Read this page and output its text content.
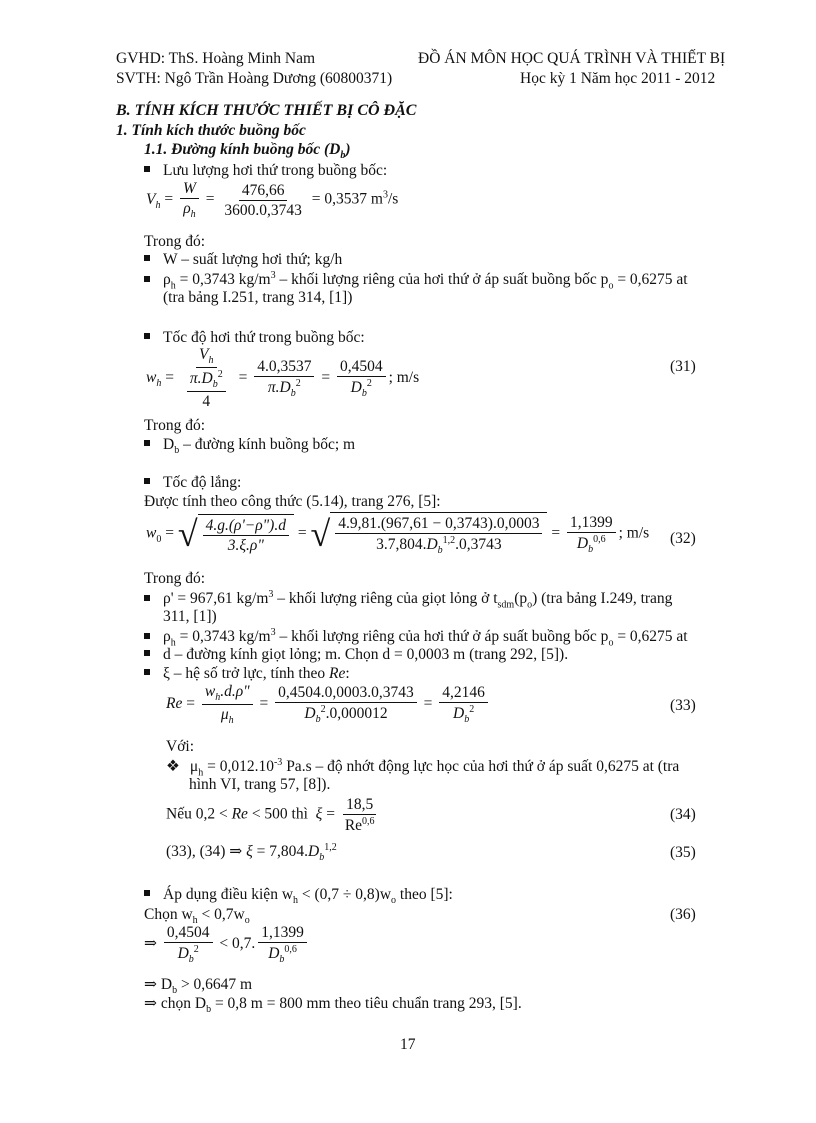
GVHD: ThS. Hoàng Minh Nam
SVTH: Ngô Trần Hoàng Dương (60800371)
ĐỒ ÁN MÔN HỌC QUÁ TRÌNH VÀ THIẾT BỊ
Học kỳ 1 Năm học 2011 - 2012
B. TÍNH KÍCH THƯỚC THIẾT BỊ CÔ ĐẶC
1. Tính kích thước buồng bốc
1.1. Đường kính buồng bốc $(D_b)$
Lưu lượng hơi thứ trong buồng bốc:
$V_h = \frac{W}{\rho_h} = \frac{476,66}{3600.0,3743} = 0,3537$ $m^3/s$
Trong đó:
W – suất lượng hơi thứ; kg/h
$\rho_h = 0,3743$ $kg/m^3$ – khối lượng riêng của hơi thứ ở áp suất buồng bốc $p_o = 0,6275$ at
(tra bảng I.251, trang 314, [1])
Tốc độ hơi thứ trong buồng bốc:
$w_h = \frac{V_h}{\frac{\pi.D_b^2}{4}} = \frac{4.0,3537}{\pi.D_b^2} = \frac{0,4504}{D_b^2}$ ; m/s
(31)
Trong đó:
$D_b$ – đường kính buồng bốc; m
Tốc độ lắng:
Được tính theo công thức (5.14), trang 276, [5]:
$w_0$ = √ $\frac{4.g.(\rho'-\rho").d}{3.\xi.\rho"}$ = √ $\frac{4.9,81.(967,61 - 0,3743).0,0003}{3.7,804.D_b^{1,2}.0,3743} = \frac{1,1399}{D_b^{0,6}}$ ; m/s (32)
Trong đó:
ρ' = 967,61 $kg/m^3$ – khối lượng riêng của giọt lỏng ở $t_{sdm}(p_o)$ (tra bảng I.249, trang
311, [1])
$\rho_h = 0,3743$ $kg/m^3$ – khối lượng riêng của hơi thứ ở áp suất buồng bốc $p_o = 0,6275$ at
d – đường kính giọt lỏng; m. Chọn d = 0,0003 m (trang 292, [5]).
ξ – hệ số trở lực, tính theo Re:
$Re = \frac{w_h.d.\rho"}{\mu_h} = \frac{0,4504.0,0003.0,3743}{D_b^2.0,000012} = \frac{4,2146}{D_b^2}$	(33)
Với:
❖ $\mu_h = 0,012.10^{-3}$ Pa.s – độ nhớt động lực học của hơi thứ ở áp suất 0,6275 at (tra
hình VI, trang 57, [8]).
Nếu 0,2 < Re < 500 thì $\xi = \frac{18,5}{Re^{0,6}}$	(34)
(33), (34) ⇒ $\xi = 7,804.D_b^{1,2}$	(35)
Áp dụng điều kiện $w_h < (0,7 \div 0,8)w_o$ theo [5]:
Chọn $w_h < 0,7w_o$	(36)
⇒ $\frac{0,4504}{D_b^2} < 0,7$. $\frac{1,1399}{D_b^{0,6}}$
⇒ $D_b > 0,6647$ m
⇒ chọn $D_b = 0,8$ m = 800 mm theo tiêu chuẩn trang 293, [5].
17
